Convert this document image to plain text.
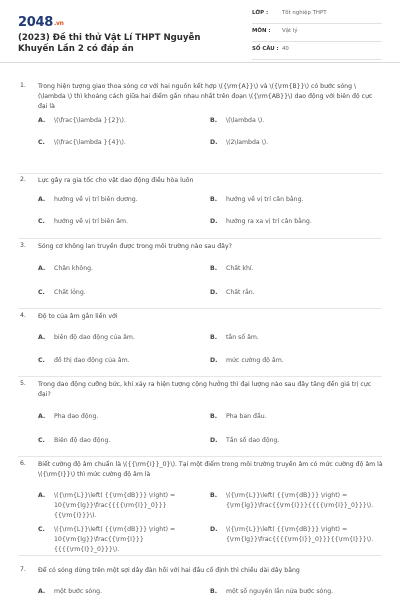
2048.vn
(2023) Đề thi thử Vật Lí THPT Nguyễn Khuyến Lần 2 có đáp án
LỚP :	Tốt nghiệp THPT
MÔN :	Vật lý
SỐ CÂU : 40
1. Trong hiện tượng giao thoa sóng cơ với hai nguồn kết hợp \({\rm{A}}\) và \({\rm{B}}\) có bước sóng \(\lambda \) thì khoảng cách giữa hai điểm gần nhau nhất trên đoạn \({\rm{AB}}\) dao động với biên độ cực đại là
A. \(\frac{\lambda }{2}\).	B. \(\lambda \).
C. \(\frac{\lambda }{4}\).	D. \(2\lambda \).
2. Lực gây ra gia tốc cho vật dao động điều hòa luôn
A. hướng về vị trí biên dương.	B. hướng về vị trí cân bằng.
C. hướng về vị trí biên âm.	D. hướng ra xa vị trí cân bằng.
3. Sóng cơ không lan truyền được trong môi trường nào sau đây?
A. Chân không.	B. Chất khí.
C. Chất lỏng.	D. Chất rắn.
4. Độ to của âm gắn liền với
A. biên độ dao động của âm.	B. tần số âm.
C. đồ thị dao động của âm.	D. mức cường độ âm.
5. Trong dao động cưỡng bức, khi xảy ra hiện tượng cộng hưởng thì đại lượng nào sau đây tăng đến giá trị cực đại?
A. Pha dao động.	B. Pha ban đầu.
C. Biên độ dao động.	D. Tần số dao động.
6. Biết cường độ âm chuẩn là \({{\rm{I}}_0}\). Tại một điểm trong môi trường truyền âm có mức cường độ âm là \({\rm{I}}\) thì mức cường độ âm là
A. \({\rm{L}}\left( {{\rm{dB}}} \right) = 10{\rm{lg}}\frac{{{{\rm{I}}_0}}}{{\rm{I}}}\).
B. \({\rm{L}}\left( {{\rm{dB}}} \right) = {\rm{lg}}\frac{{\rm{I}}}{{{{\rm{I}}_0}}}\).
C. \({\rm{L}}\left( {{\rm{dB}}} \right) = 10{\rm{lg}}\frac{{\rm{I}}}{{{{\rm{I}}_0}}}\).
D. \({\rm{L}}\left( {{\rm{dB}}} \right) = {\rm{lg}}\frac{{{{\rm{I}}_0}}}{{\rm{I}}}\).
7. Để có sóng dừng trên một sợi dây đàn hồi với hai đầu cố định thì chiều dài dây bằng
A. một bước sóng.	B. một số nguyên lần nửa bước sóng.
